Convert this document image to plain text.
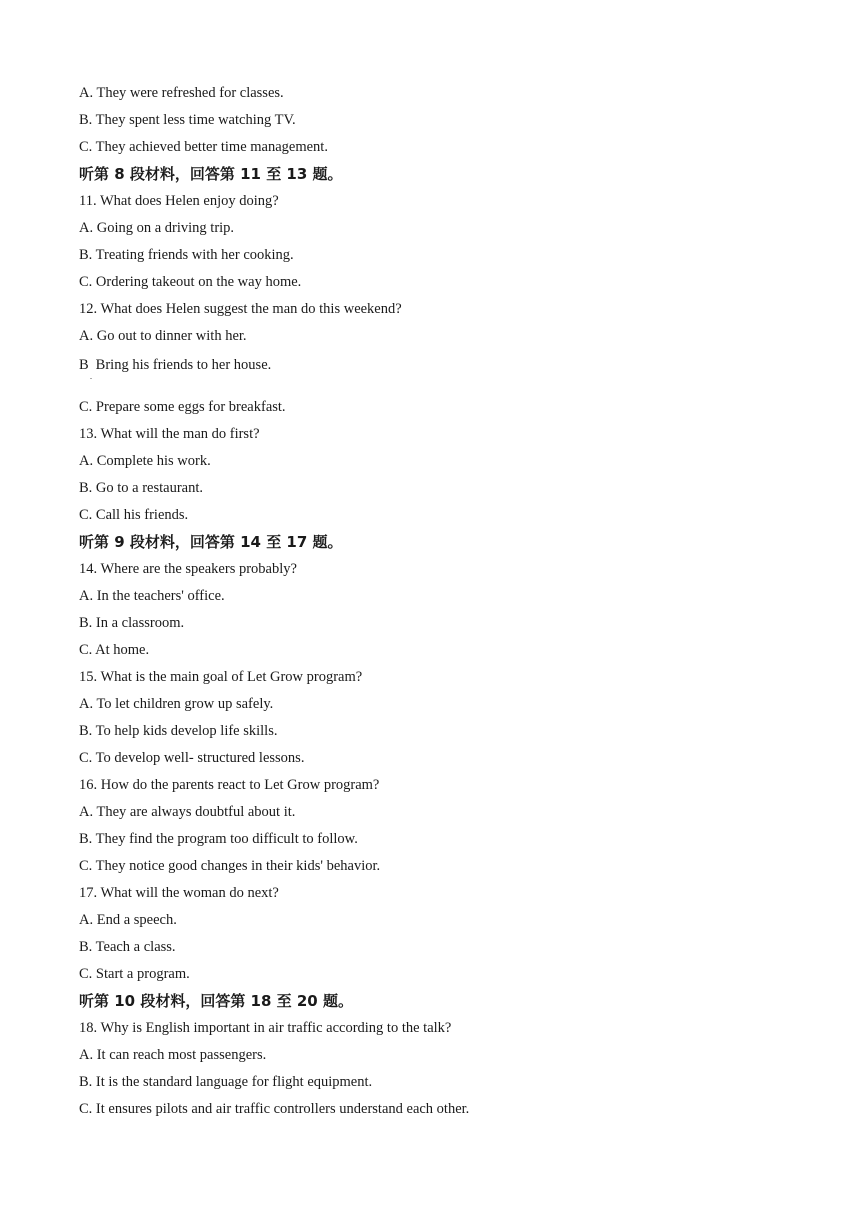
A. They were refreshed for classes.
B. They spent less time watching TV.
C. They achieved better time management.
听第 8 段材料，回答第 11 至 13 题。
11. What does Helen enjoy doing?
A. Going on a driving trip.
B. Treating friends with her cooking.
C. Ordering takeout on the way home.
12. What does Helen suggest the man do this weekend?
A. Go out to dinner with her.
B
.
Bring his friends to her house.
C. Prepare some eggs for breakfast.
13. What will the man do first?
A. Complete his work.
B. Go to a restaurant.
C. Call his friends.
听第 9 段材料，回答第 14 至 17 题。
14. Where are the speakers probably?
A. In the teachers' office.
B. In a classroom.
C. At home.
15. What is the main goal of Let Grow program?
A. To let children grow up safely.
B. To help kids develop life skills.
C. To develop well- structured lessons.
16. How do the parents react to Let Grow program?
A. They are always doubtful about it.
B. They find the program too difficult to follow.
C. They notice good changes in their kids' behavior.
17. What will the woman do next?
A. End a speech.
B. Teach a class.
C. Start a program.
听第 10 段材料，回答第 18 至 20 题。
18. Why is English important in air traffic according to the talk?
A. It can reach most passengers.
B. It is the standard language for flight equipment.
C. It ensures pilots and air traffic controllers understand each other.
